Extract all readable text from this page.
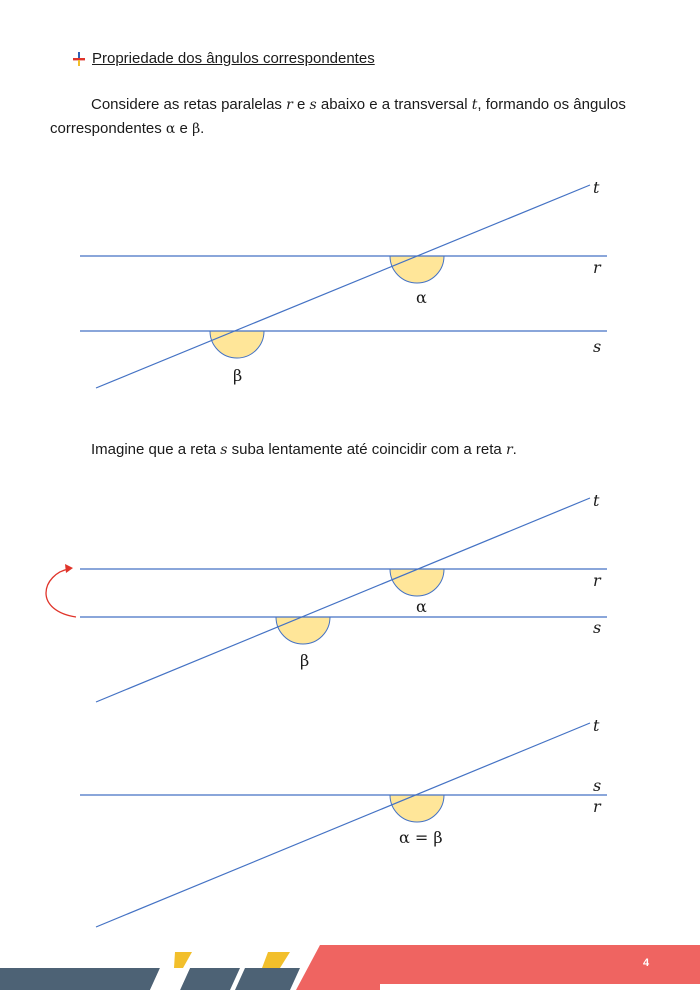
Propriedade dos ângulos correspondentes
Considere as retas paralelas r e s abaixo e a transversal t, formando os ângulos correspondentes α e β.
t
r
s
α
β
Imagine que a reta s suba lentamente até coincidir com a reta r.
t
r
s
α
β
t
s
r
α = β
4
